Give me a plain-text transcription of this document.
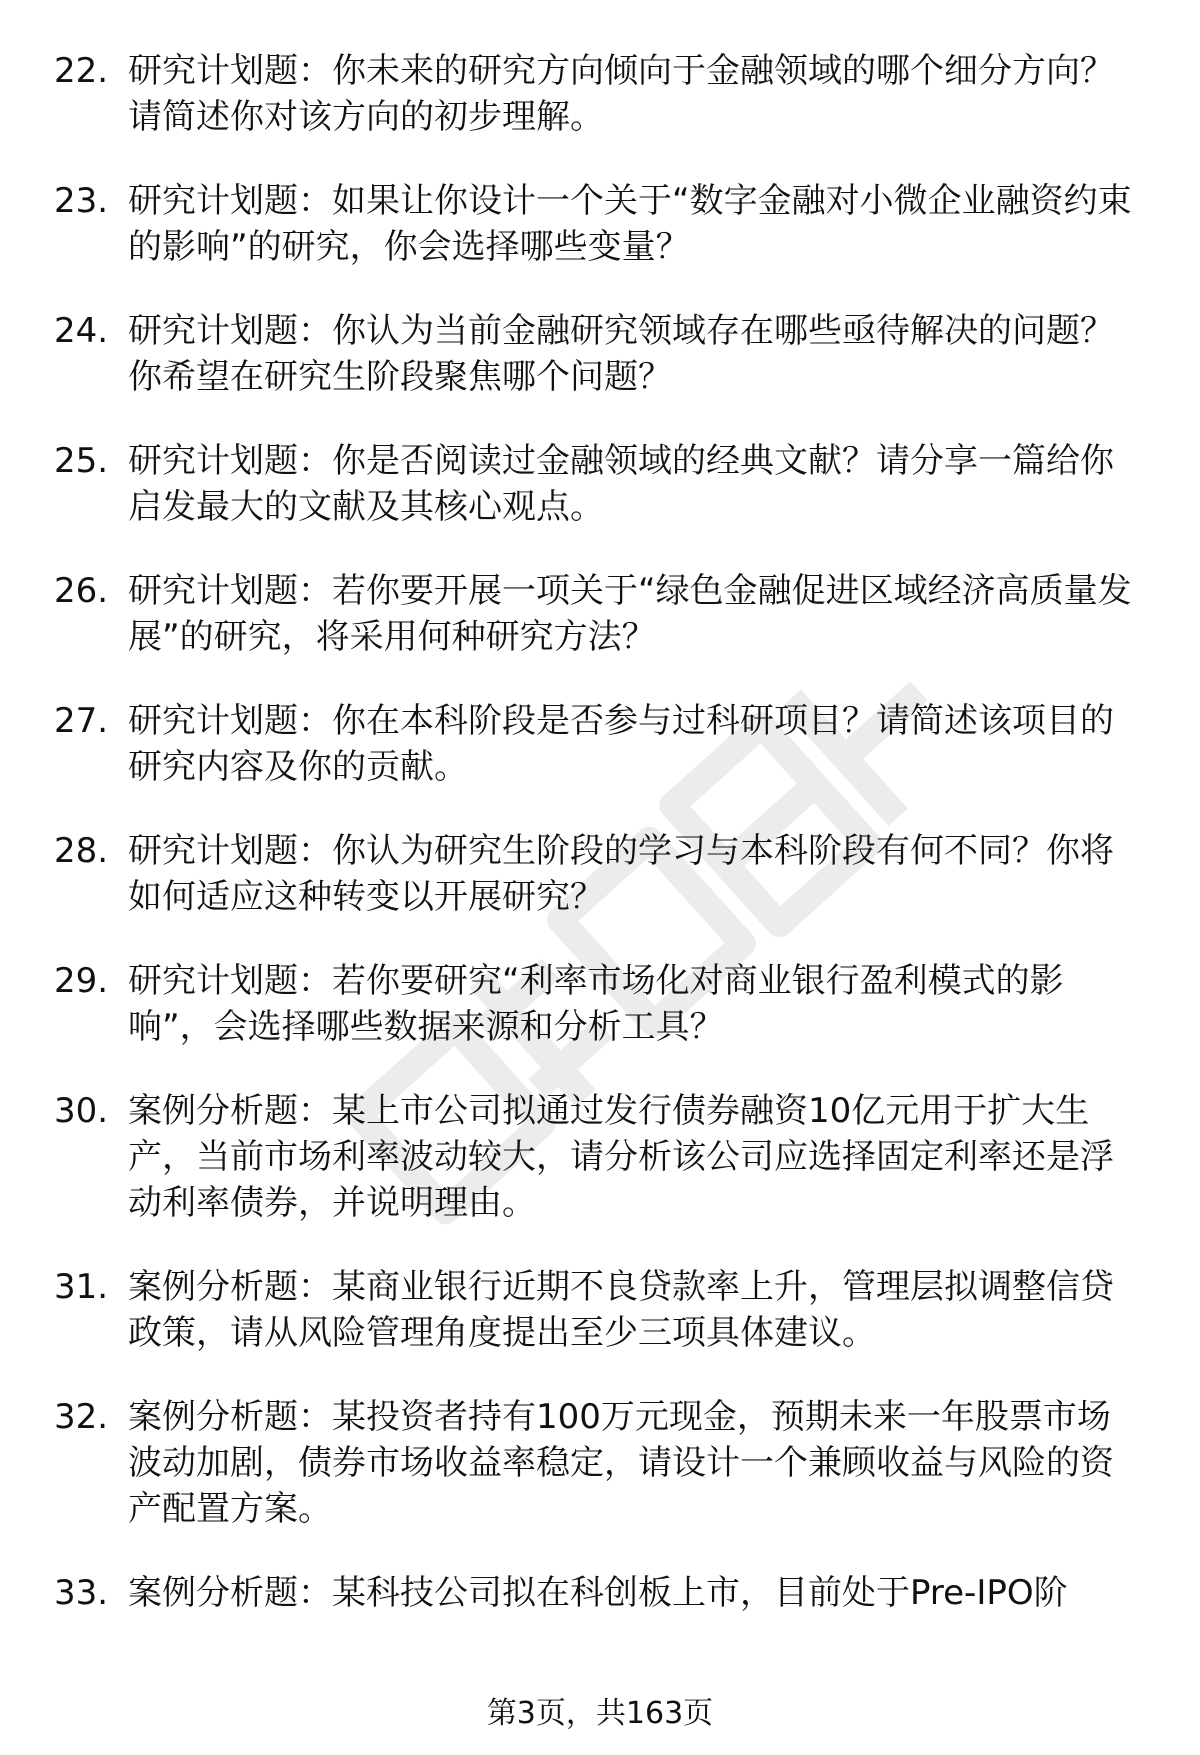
22. 研究计划题：你未来的研究方向倾向于金融领域的哪个细分方向？请简述你对该方向的初步理解。
23. 研究计划题：如果让你设计一个关于“数字金融对小微企业融资约束的影响”的研究，你会选择哪些变量？
24. 研究计划题：你认为当前金融研究领域存在哪些亟待解决的问题？你希望在研究生阶段聚焦哪个问题？
25. 研究计划题：你是否阅读过金融领域的经典文献？请分享一篇给你启发最大的文献及其核心观点。
26. 研究计划题：若你要开展一项关于“绿色金融促进区域经济高质量发展”的研究，将采用何种研究方法？
27. 研究计划题：你在本科阶段是否参与过科研项目？请简述该项目的研究内容及你的贡献。
28. 研究计划题：你认为研究生阶段的学习与本科阶段有何不同？你将如何适应这种转变以开展研究？
29. 研究计划题：若你要研究“利率市场化对商业银行盈利模式的影响”，会选择哪些数据来源和分析工具？
30. 案例分析题：某上市公司拟通过发行债券融资10亿元用于扩大生产，当前市场利率波动较大，请分析该公司应选择固定利率还是浮动利率债券，并说明理由。
31. 案例分析题：某商业银行近期不良贷款率上升，管理层拟调整信贷政策，请从风险管理角度提出至少三项具体建议。
32. 案例分析题：某投资者持有100万元现金，预期未来一年股票市场波动加剧，债券市场收益率稳定，请设计一个兼顾收益与风险的资产配置方案。
33. 案例分析题：某科技公司拟在科创板上市，目前处于Pre-IPO阶
第3页，共163页
